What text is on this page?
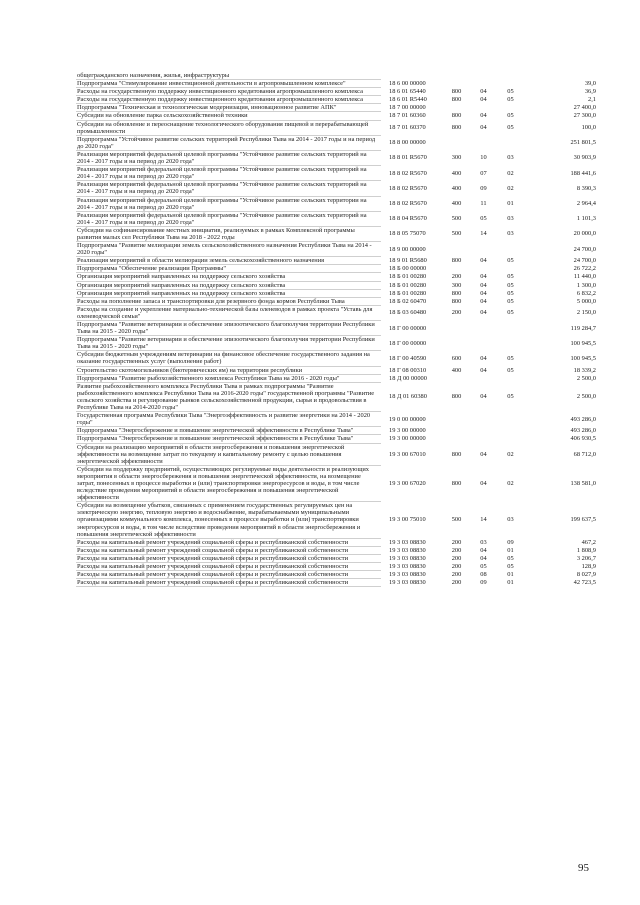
общегражданского назначения, жилья, инфраструктуры					
Подпрограмма "Стимулирование инвестиционной деятельности в агропромышленном комплексе"	18 6 00 00000				39,0
Расходы на государственную поддержку инвестиционного кредитования агропромышленного комплекса	18 6 01 65440	800	04	05	36,9
Расходы на государственную поддержку инвестиционного кредитования агропромышленного комплекса	18 6 01 R5440	800	04	05	2,1
Подпрограмма "Техническая и технологическая модернизация, инновационное развитие АПК"	18 7 00 00000				27 400,0
Субсидии на обновление парка сельскохозяйственной техники	18 7 01 60360	800	04	05	27 300,0
Субсидии на обновление и переоснащение технологического оборудования пищевой и перерабатывающей промышленности	18 7 01 60370	800	04	05	100,0
Подпрограмма "Устойчивое развитие сельских территорий Республики Тыва на 2014 - 2017 годы и на период до 2020 года"	18 8 00 00000				251 801,5
Реализация мероприятий федеральной целевой программы "Устойчивое развитие сельских территорий на 2014 - 2017 годы и на период до 2020 года"	18 8 01 R5670	300	10	03	30 903,9
Реализация мероприятий федеральной целевой программы "Устойчивое развитие сельских территорий на 2014 - 2017 годы и на период до 2020 года"	18 8 02 R5670	400	07	02	188 441,6
Реализация мероприятий федеральной целевой программы "Устойчивое развитие сельских территорий на 2014 - 2017 годы и на период до 2020 года"	18 8 02 R5670	400	09	02	8 390,3
Реализация мероприятий федеральной целевой программы "Устойчивое развитие сельских территории на 2014 - 2017 годы и на период до 2020 года"	18 8 02 R5670	400	11	01	2 964,4
Реализация мероприятий федеральной целевой программы "Устойчивое развитие сельских территорий на 2014 - 2017 годы и на период до 2020 года"	18 8 04 R5670	500	05	03	1 101,3
Субсидии на софинансирование местных инициатив, реализуемых в рамках Комплексной программы развития малых сел Республики Тыва на 2018 - 2022 годы	18 8 05 75070	500	14	03	20 000,0
Подпрограмма "Развитие мелиорации земель сельскохозяйственного назначения Республики Тыва на 2014 - 2020 годы"	18 9 00 00000				24 700,0
Реализация мероприятий в области мелиорации земель сельскохозяйственного назначения	18 9 01 R5680	800	04	05	24 700,0
Подпрограмма "Обеспечение реализации Программы"	18 Б 00 00000				26 722,2
Организация мероприятий направленных на поддержку сельского хозяйства	18 Б 01 00280	200	04	05	11 440,0
Организация мероприятий направленных на поддержку сельского хозяйства	18 Б 01 00280	300	04	05	1 300,0
Организация мероприятий направленных на поддержку сельского хозяйства	18 Б 01 00280	800	04	05	6 832,2
Расходы на пополнение запаса и транспортировки для резервного фонда кормов Республики Тыва	18 Б 02 60470	800	04	05	5 000,0
Расходы на создание и укрепление материально-технической базы оленеводов в рамках проекта "Уставь для оленеводческой семьи"	18 Б 03 60480	200	04	05	2 150,0
Подпрограмма "Развитие ветеринарии и обеспечение эпизоотического благополучия территории Республики Тыва на 2015 - 2020 годы"	18 Г 00 00000				119 284,7
Подпрограмма "Развитие ветеринарии и обеспечение эпизоотического благополучия территории Республики Тыва на 2015 - 2020 годы"	18 Г 00 00000				100 945,5
Субсидии бюджетным учреждениям ветеринарии на финансовое обеспечение государственного задания на оказание государственных услуг (выполнение работ)	18 Г 00 40590	600	04	05	100 945,5
Строительство скотомогильников (биотермических ям) на территории республики	18 Г 08 00310	400	04	05	18 339,2
Подпрограмма "Развитие рыбохозяйственного комплекса Республики Тыва на 2016 - 2020 годы"	18 Д 00 00000				2 500,0
Развитие рыбохозяйственного комплекса Республики Тыва в рамках подпрограммы "Развитие рыбохозяйственного комплекса Республики Тыва на 2016-2020 годы" государственной программы "Развитие сельского хозяйства и регулирование рынков сельскохозяйственной продукции, сырья и продовольствия в Республике Тыва на 2014-2020 годы"	18 Д 01 60380	800	04	05	2 500,0
Государственная программа Республики Тыва "Энергоэффективность и развитие энергетики на 2014 - 2020 годы"	19 0 00 00000				493 286,0
Подпрограмма "Энергосбережение и повышение энергетической эффективности в Республике Тыва"	19 3 00 00000				493 286,0
Подпрограмма "Энергосбережение и повышение энергетической эффективности в Республике Тыва"	19 3 00 00000				406 930,5
Субсидии на реализацию мероприятий в области энергосбережения и повышения энергетической эффективности на возмещение затрат по текущему и капитальному ремонту с целью повышения энергетической эффективности	19 3 00 67010	800	04	02	68 712,0
Субсидии на поддержку предприятий, осуществляющих регулируемые виды деятельности и реализующих мероприятия в области энергосбережения и повышения энергетической эффективности, на возмещение затрат, понесенных в процессе выработки и (или) транспортировки энергоресурсов и воды, в том числе вследствие проведения мероприятий в области энергосбережения и повышения энергетической эффективности	19 3 00 67020	800	04	02	138 581,0
Субсидии на возмещение убытков, связанных с применением государственных регулируемых цен на электрическую энергию, тепловую энергию и водоснабжение, вырабатываемыми муниципальными организациями коммунального комплекса, понесенных в процессе выработки и (или) транспортировки энергоресурсов и воды, в том числе вследствие проведения мероприятий в области энергосбережения и повышения энергетической эффективности	19 3 00 75010	500	14	03	199 637,5
Расходы на капитальный ремонт учреждений социальной сферы и республиканской собственности	19 3 03 08830	200	03	09	467,2
Расходы на капитальный ремонт учреждений социальной сферы и республиканской собственности	19 3 03 08830	200	04	01	1 808,9
Расходы на капитальный ремонт учреждений социальной сферы и республиканской собственности	19 3 03 08830	200	04	05	3 206,7
Расходы на капитальный ремонт учреждений социальной сферы и республиканской собственности	19 3 03 08830	200	05	05	128,9
Расходы на капитальный ремонт учреждений социальной сферы и республиканской собственности	19 3 03 08830	200	08	01	8 027,9
Расходы на капитальный ремонт учреждений социальной сферы и республиканской собственности	19 3 03 08830	200	09	01	42 723,5
95
